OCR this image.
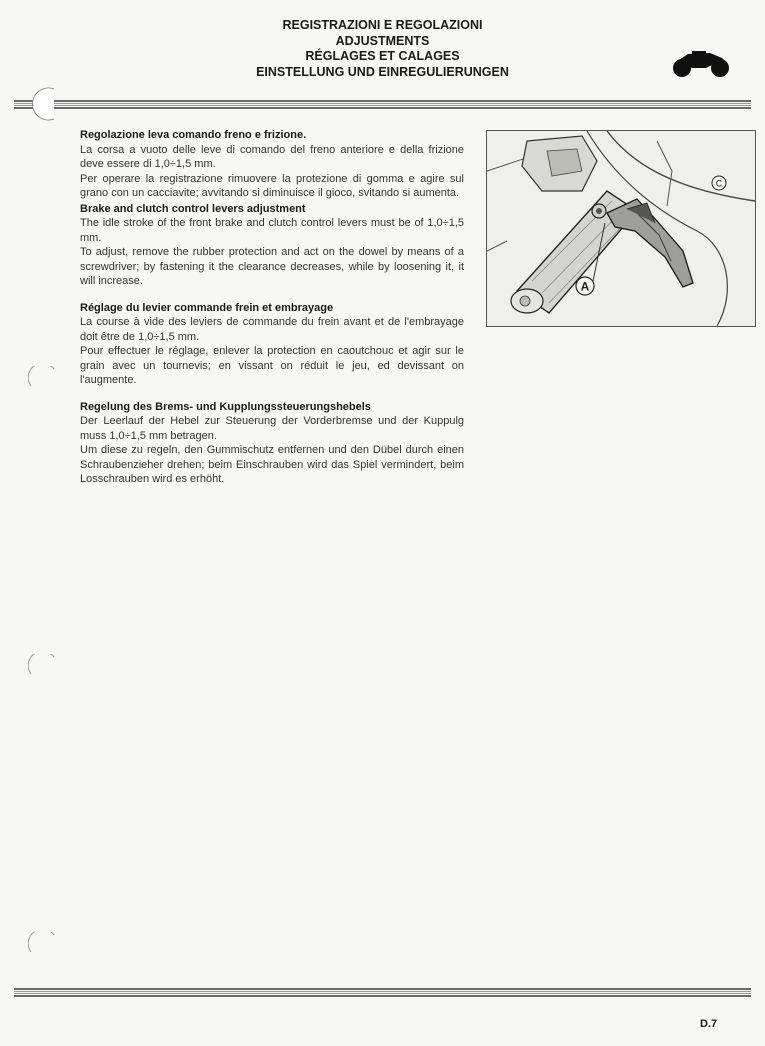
REGISTRAZIONI E REGOLAZIONI
ADJUSTMENTS
RÉGLAGES ET CALAGES
EINSTELLUNG UND EINREGULIERUNGEN

Regolazione leva comando freno e frizione.

La corsa a vuoto delle leve di comando del freno anteriore e della frizione deve essere di 1,0÷1,5 mm.

Per operare la registrazione rimuovere la protezione di gomma e agire sul grano con un cacciavite; avvitando si diminuisce il gioco, svitando si aumenta.

Brake and clutch control levers adjustment

The idle stroke of the front brake and clutch control levers must be of 1,0÷1,5 mm.

To adjust, remove the rubber protection and act on the dowel by means of a screwdriver; by fastening it the clearance decreases, while by loosening it, it will increase.

Réglage du levier commande frein et embrayage

La course à vide des leviers de commande du frein avant et de l'embrayage doit être de 1,0÷1,5 mm.

Pour effectuer le réglage, enlever la protection en caoutchouc et agir sur le grain avec un tournevis; en vissant on réduit le jeu, ed devissant on l'augmente.

Regelung des Brems- und Kupplungssteuerungshebels

Der Leerlauf der Hebel zur Steuerung der Vorderbremse und der Kuppulg muss 1,0÷1,5 mm betragen.

Um diese zu regeln, den Gummischutz entfernen und den Dübel durch einen Schraubenzieher drehen; beim Einschrauben wird das Spiel vermindert, beim Losschrauben wird es erhöht.

A
C
D.7
